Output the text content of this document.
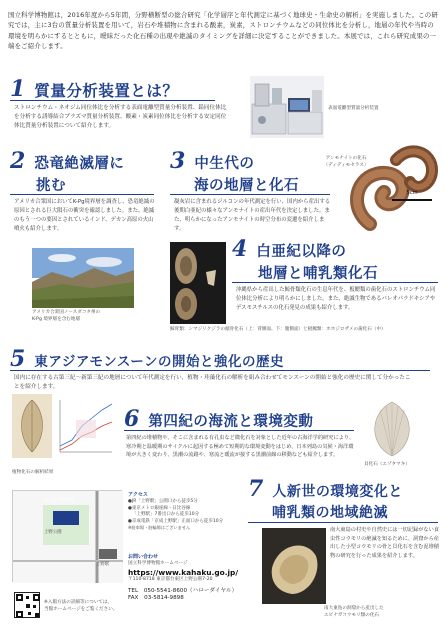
国立科学博物館は，2016年度から5年間，分野横断型の総合研究「化学層序と年代測定に基づく地球史・生命史の解析」を実施しました。この研究では，主に3台の質量分析装置を用いて，岩石や堆積物に含まれる酸素，炭素，ストロンチウムなどの同位体比を分析し，地層の年代や当時の環境を明らかにするとともに，曖昧だった化石種の出現や絶滅のタイミングを詳細に決定することができました。本展では，これら研究成果の一端をご紹介します。
1 質量分析装置とは？
ストロンチウム・ネオジム同位体比を分析する表面電離型質量分析装置、鉛同位体比を分析する誘導結合プラズマ質量分析装置、酸素・炭素同位体比を分析する安定同位体比質量分析装置について紹介します。
表面電離型質量分析装置
アンモナイトの化石
（ディディモセラス）
5cm
2 恐竜絶滅層に
挑む
アメリカ合衆国においてK-Pg境界層を調査し、恐竜絶滅の原因とされる巨大隕石の衝突を確認しました。また、絶滅のもう一つの要因とされているインド、デカン高原の火山噴火も紹介します。
アメリカ合衆国ノースダコタ州の
K-Pg 境界層を含む地層
3 中生代の
海の地層と化石
凝灰岩に含まれるジルコンの年代測定を行い、国内から産出する後期白亜紀の様々なアンモナイトの産出年代を決定しました。また、明らかになったアンモナイトの時空分布の変遷を紹介します。
鯨骨類：シマジリクジラの頭骨化石（上：背側面、下：腹側面）と板鰓類：ホホジロザメの歯化石（中）
4 白亜紀以降の
地層と哺乳類化石
沖縄県から産出した鯨骨類化石の生息年代を、板鰓類の歯化石のストロンチウム同位体比分析により明らかにしました。また、絶滅生物であるパレオパラドキシアやデスモスチルスの化石発見の成果も紹介します。
5 東アジアモンスーンの開始と強化の歴史
国内に存在する古第三紀～新第三紀の地層について年代測定を行い，植物・珪藻化石の解析を組み合わせてモンスーンの開始と強化の歴史に関して分かったことを紹介します。
植物化石の解析結果
6 第四紀の海流と環境変動
第四紀の堆積物や、そこに含まれる有孔虫など微化石を対象とした近年の古海洋学的研究により、寒冷期と温暖期のサイクルに起因する極めて短期的な環境変動をはじめ、日本列島の気候・海洋環境が大きく変わり、黒潮の流路や、寒流と暖流が接する黒潮前線の移動なども紹介します。
貝化石（エゾタマキ）
国立科学博物館
上野公園
上野駅
※入館方法の詳細等については、
当館ホームページをご覧ください。
アクセス
●JR「上野駅」公園口から徒歩5分
●東京メトロ銀座線・日比谷線
「上野駅」7番出口から徒歩10分
●京成電鉄「京成上野駅」正面口から徒歩10分
※駐車場・駐輪場はございません
お問い合わせ
国立科学博物館ホームページ
https://www.kahaku.go.jp/
〒110-8718 東京都台東区上野公園7-20
TEL 050-5541-8600（ハローダイヤル）
FAX 03-5814-9898
7 人新世の環境変化と
哺乳類の地域絶滅
南大東島の洞窟から産出した
エビナガコウモリ類の化石
南大東島の村史や自然史には一切記録がない食虫性コウモリの絶滅を知るために、洞窟から産出した小型コウモリの骨と貝化石を含む泥堆積物の研究を行った成果を紹介します。
